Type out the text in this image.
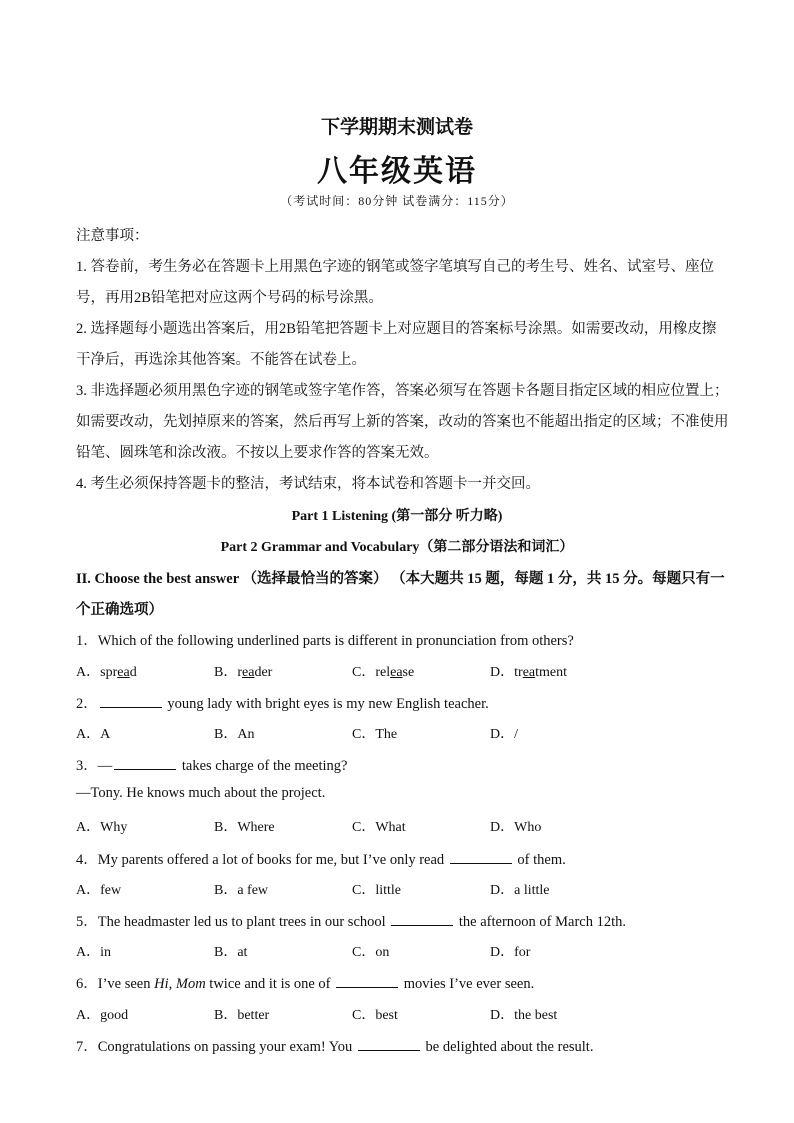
下学期期末测试卷
八年级英语
（考试时间：80分钟 试卷满分：115分）
注意事项：
1. 答卷前，考生务必在答题卡上用黑色字迹的钢笔或签字笔填写自己的考生号、姓名、试室号、座位
号，再用2B铅笔把对应这两个号码的标号涂黑。
2. 选择题每小题选出答案后，用2B铅笔把答题卡上对应题目的答案标号涂黑。如需要改动，用橡皮擦
干净后，再选涂其他答案。不能答在试卷上。
3. 非选择题必须用黑色字迹的钢笔或签字笔作答，答案必须写在答题卡各题目指定区域的相应位置上；
如需要改动，先划掉原来的答案，然后再写上新的答案，改动的答案也不能超出指定的区域；不准使用
铅笔、圆珠笔和涂改液。不按以上要求作答的答案无效。
4. 考生必须保持答题卡的整洁，考试结束，将本试卷和答题卡一并交回。
Part 1 Listening (第一部分 听力略)
Part 2 Grammar and Vocabulary（第二部分语法和词汇）
II. Choose the best answer （选择最恰当的答案） （本大题共 15 题，每题 1 分，共 15 分。每题只有一
个正确选项）
1．Which of the following underlined parts is different in pronunciation from others?
A．spread	B．reader	C．release	D．treatment
2．	young lady with bright eyes is my new English teacher.
A．A	B．An	C．The	D．/
3．—	takes charge of the meeting?
—Tony. He knows much about the project.
A．Why	B．Where	C．What	D．Who
4．My parents offered a lot of books for me, but I’ve only read	of them.
A．few	B．a few	C．little	D．a little
5．The headmaster led us to plant trees in our school	the afternoon of March 12th.
A．in	B．at	C．on	D．for
6．I’ve seen Hi, Mom twice and it is one of	movies I’ve ever seen.
A．good	B．better	C．best	D．the best
7．Congratulations on passing your exam! You	be delighted about the result.
